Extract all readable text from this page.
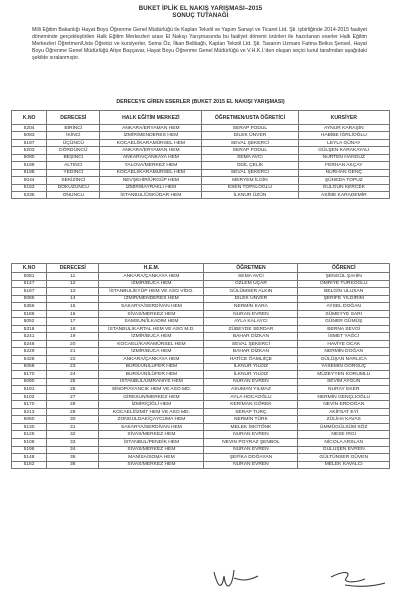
BUKET İPLİK EL NAKIŞ YARIŞMASI–2015
SONUÇ TUTANAĞI
Milli Eğitim Bakanlığı Hayat Boyu Öğrenme Genel Müdürlüğü ile Kaplan Tekstil ve Yapım Sanayi ve Ticaret Ltd. Şti. işbirliğinde 2014-2015 faaliyet döneminde gerçekleştirilen Halk Eğitim Merkezleri arası El Nakışı Yarışmasında bu faaliyet dönemi ürünleri ile hazırlanan eserler Halk Eğitim Merkezleri Öğretmen/Usta Öğretici ve kursiyerler, Sema Öz, İlkan Belibağlı, Kaplan Tekstil Ltd. Şti. Tasarım Uzmanı Fatma Belkıs Şensel, Hayat Boyu Öğrenme Genel Müdürlüğü Atiye Başçavar, Hayat Boyu Öğrenme Genel Müdürlüğü ve V.H.K.İ.'den oluşan seçici kurul tarafından aşağıdaki şekilde sıralanmıştır.
DERECEYE GİREN ESERLER (BUKET 2015 EL NAKIŞI YARIŞMASI)
K.NO	DERECESİ	HALK EĞİTİM MERKEZİ	ÖĞRETMEN/USTA ÖĞRETİCİ	KURSİYER
5204	BİRİNCİ	ANKARA/ERYAMAN HEM	SERAP FODUL	AYNUR KARAŞİN
5083	İKİNCİ	İZMİR/MENDERES HEM	DİLEK ÜNVER	HABİBE İĞRLİOĞLU
5187	ÜÇÜNCÜ	KOCAELİ/KARAMÜRSEL HEM	SEVAL ŞEKERCİ	LEYLA GÜNAY
5203	DÖRDÜNCÜ	ANKARA/ERYAMAN HEM	SERAP FODUL	GÜLŞEN KARAKAYALI
5080	BEŞİNCİ	ANKARA/ÇANKAYA HEM	SEMA AVCI	NURTEN HANGÜZ
5169	ALTINCI	YALOVA/MERKEZ HEM	ODİL ÇELİK	FERHAN AKÇAY
5188	YEDİNCİ	KOCAELİ/KARAMÜRSEL HEM	SEVAL ŞEKERCİ	NURHAN GENÇ
5044	SEKİZİNCİ	NEVŞEHİR/ÜRGÜP HEM	MERYEM İLGİN	ŞÜHEDA TOPUZ
5153	DOKUZUNCU	İZMİR/BAYRAKLI HEM	ESEN TOPALOĞLU	GÜLGÜN KERCEK
5335	ONUNCU	İSTANBUL/ÜSKÜDAR HEM	İLKNUR ÜZÜN	ASİME KARADEMİR
K.NO	DERECESİ	H.E.M.	ÖĞRETMEN	ÖĞRENCİ
5081	11	ANKARA/ÇANKAYA HEM	SEMA AVCI	ŞENGÜL ŞAHİN
5147	12	İZMİR/BUCA HEM	ÖZLEM UÇAR	ÖMRİYE TÜRKOĞLU
5167	13	İSTANBUL/EYÜP HEM VE ASO VİDO.	GÜLÜMSER ALKIN	BELGİN ULUSAN
5085	14	İZMİR/MENDERES HEM	DİLEK ÜNVER	ŞERİFE YILDIRIM
5356	15	SAKARYA/SERDİVAN HEM	NERMİN KARA	AYSEL DOĞAN
5186	16	SİVAS/MERKEZ HEM	NURAN EVREN	SÜMEYYE SARI
5052	17	SAMSUN/İLKADIM HEM	AYLA KALAYCI	GÜNER GÜMÜŞ
5318	18	İSTANBUL/KARTAL HEM VE ASO M.D.	ZÜBEYDE SERDAR	BERNA SEVGİ
5241	19	İZMİR/BUCA HEM	BAHAR DİZKAN	İSMET YAĞCI
5246	20	KOCAELİ/KARAMÜRSEL HEM	SEVAL ŞEKERCİ	HAVİYE OCAK
5229	21	İZMİR/BUCA HEM	BAHAR DİZKAN	NERMİN DOĞAN
5428	22	ANKARA/ÇANKAYA HEM	HATİCE ÖAMLIİÇE	GÜLÜŞAN NARLICA
5058	23	BURSA/NİLÜFER HEM	İLKNUR YILDIZ	YASEMİN GÖRGÜÇ
5170	24	BURSA/NİLÜFER HEM	İLKNUR YILDIZ	MÜZEYYEN KORUMLU
5090	25	İSTANBUL/ÜMRANİYE HEM	NURAN EVREN	SEVİM AYGÜN
5191	26	SİNOP/AYANCIK HEM VE ASO MD.	ASUMAN YILMAZ	NURAY EKER
5102	27	GİRESUN/MERKEZ HEM	AYLA HOCAOĞLU	NERMİN GENÇLIOĞLU
5170	28	İZMİR/ÇİĞLİ HEM	KERİMAN GÖREK	NEVİN ERDOĞAN
5213	29	KOCAELİ/İZMİT HEM VE ASO MD.	SERAP TURÇ	AKİFSAT EYİ
5060	30	ZONGULDAK/ÇAYCUMA HEM	NERMİN TÜRK	ZÜLİHA KAVAS
5130	31	SAKARYA/SERDİVAN HEM	MELEK İSKİTÖNK	ÜMMÜGÜLSÜM SÖZ
5125	32	SİVAS/MERKEZ HEM	NURAN EVREN	NESE IRGI
5108	33	İSTANBUL/PENDİK HEM	NEVIN POYRAZ ŞENBOL	NİCOLA ARSLAN
5196	34	SİVAS/MERKEZ HEM	NURAN EVREN	GÜLÜŞEN EVREN
5148	35	MANİSA/SOMA HEM	ŞEFİKA DOĞAYAN	GÜLTÜNSER GÜVEN
5162	36	SİVAS/MERKEZ HEM	NURAN EVREN	MELEK KAVALCI
